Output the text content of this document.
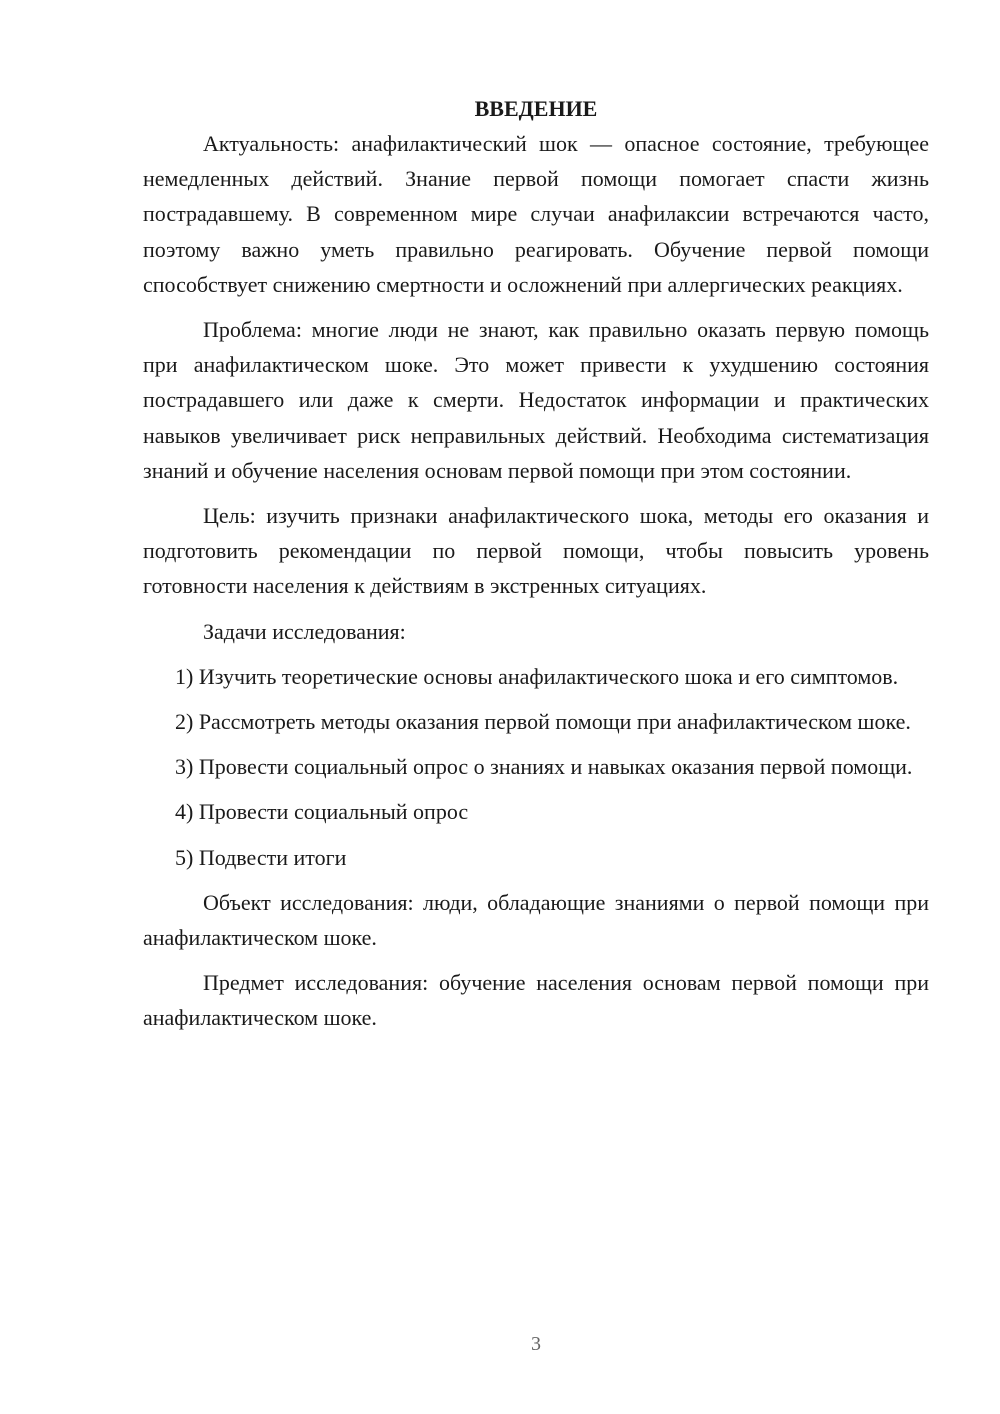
ВВЕДЕНИЕ

Актуальность: анафилактический шок — опасное состояние, требующее немедленных действий. Знание первой помощи помогает спасти жизнь пострадавшему. В современном мире случаи анафилаксии встречаются часто, поэтому важно уметь правильно реагировать. Обучение первой помощи способствует снижению смертности и осложнений при аллергических реакциях.

Проблема: многие люди не знают, как правильно оказать первую помощь при анафилактическом шоке. Это может привести к ухудшению состояния пострадавшего или даже к смерти. Недостаток информации и практических навыков увеличивает риск неправильных действий. Необходима систематизация знаний и обучение населения основам первой помощи при этом состоянии.

Цель: изучить признаки анафилактического шока, методы его оказания и подготовить рекомендации по первой помощи, чтобы повысить уровень готовности населения к действиям в экстренных ситуациях.

Задачи исследования:

1) Изучить теоретические основы анафилактического шока и его симптомов.

2) Рассмотреть методы оказания первой помощи при анафилактическом шоке.

3) Провести социальный опрос о знаниях и навыках оказания первой помощи.

4) Провести социальный опрос

5) Подвести итоги

Объект исследования: люди, обладающие знаниями о первой помощи при анафилактическом шоке.

Предмет исследования: обучение населения основам первой помощи при анафилактическом шоке.

3
